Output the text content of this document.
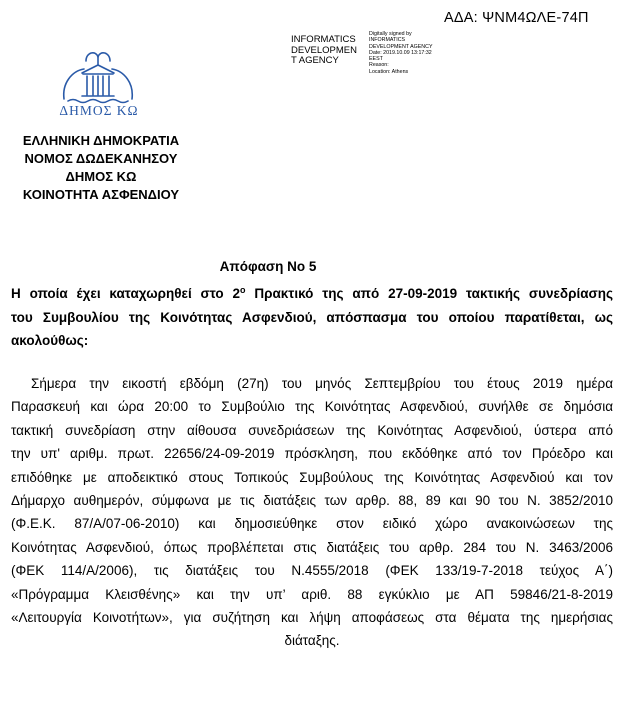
ΑΔΑ: ΨΝΜ4ΩΛΕ-74Π
INFORMATICS
DEVELOPMEN
T AGENCY
Digitally signed by
INFORMATICS
DEVELOPMENT AGENCY
Date: 2019.10.09 13:17:32
EEST
Reason:
Location: Athens
ΔΗΜΟΣ ΚΩ
ΕΛΛΗΝΙΚΗ ΔΗΜΟΚΡΑΤΙΑ
ΝΟΜΟΣ ΔΩΔΕΚΑΝΗΣΟΥ
ΔΗΜΟΣ ΚΩ
ΚΟΙΝΟΤΗΤΑ ΑΣΦΕΝΔΙΟΥ
Απόφαση Νο 5
Η οποία έχει καταχωρηθεί στο $2^o$ Πρακτικό της από 27-09-2019 τακτικής συνεδρίασης
του Συμβουλίου της Κοινότητας Ασφενδιού, απόσπασμα του οποίου παρατίθεται, ως
ακολούθως:
Σήμερα την εικοστή εβδόμη (27η) του μηνός Σεπτεμβρίου του έτους 2019 ημέρα
Παρασκευή και ώρα 20:00 το Συμβούλιο της Κοινότητας Ασφενδιού, συνήλθε σε δημόσια
τακτική συνεδρίαση στην αίθουσα συνεδριάσεων της Κοινότητας Ασφενδιού, ύστερα από
την υπ' αριθμ. πρωτ. 22656/24-09-2019 πρόσκληση, που εκδόθηκε από τον Πρόεδρο και
επιδόθηκε με αποδεικτικό στους Τοπικούς Συμβούλους της Κοινότητας Ασφενδιού και τον
Δήμαρχο αυθημερόν, σύμφωνα με τις διατάξεις των αρθρ. 88, 89 και 90 του Ν. 3852/2010
(Φ.Ε.Κ. 87/Α/07-06-2010) και δημοσιεύθηκε στον ειδικό χώρο ανακοινώσεων της
Κοινότητας Ασφενδιού, όπως προβλέπεται στις διατάξεις του αρθρ. 284 του Ν. 3463/2006
(ΦΕΚ 114/Α/2006), τις διατάξεις του Ν.4555/2018 (ΦΕΚ 133/19-7-2018 τεύχος Α΄)
«Πρόγραμμα Κλεισθένης» και την υπ’ αριθ. 88 εγκύκλιο με ΑΠ 59846/21-8-2019
«Λειτουργία Κοινοτήτων», για συζήτηση και λήψη αποφάσεως στα θέματα της ημερήσιας
διάταξης.
